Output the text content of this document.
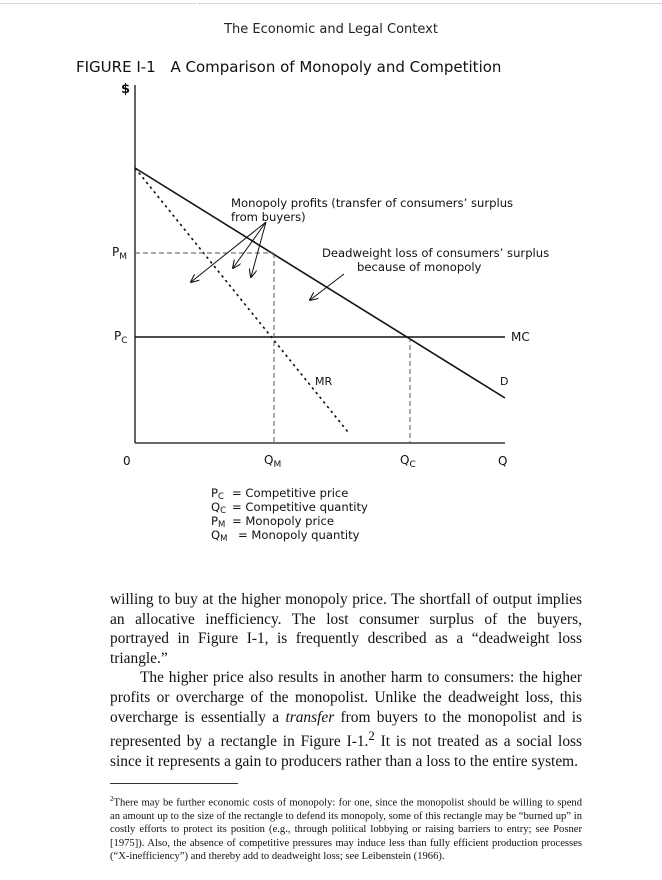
The Economic and Legal Context
FIGURE I-1 A Comparison of Monopoly and Competition
$
$P_M$
$P_C$
0	$Q_M$	$Q_C$	Q
MC
D
MR
Monopoly profits (transfer of consumers’ surplus
from buyers)
Deadweight loss of consumers’ surplus
because of monopoly
PC = Competitive price
QC = Competitive quantity
PM = Monopoly price
QM = Monopoly quantity

willing to buy at the higher monopoly price. The shortfall of output implies an allocative inefficiency. The lost consumer surplus of the buyers, portrayed in Figure I-1, is frequently described as a “deadweight loss triangle.”

The higher price also results in another harm to consumers: the higher profits or overcharge of the monopolist. Unlike the deadweight loss, this overcharge is essentially a transfer from buyers to the monopolist and is represented by a rectangle in Figure I-1.$^2$ It is not treated as a social loss since it represents a gain to producers rather than a loss to the entire system.

$^2$There may be further economic costs of monopoly: for one, since the monopolist should be willing to spend an amount up to the size of the rectangle to defend its monopoly, some of this rectangle may be “burned up” in costly efforts to protect its position (e.g., through political lobbying or raising barriers to entry; see Posner [1975]). Also, the absence of competitive pressures may induce less than fully efficient production processes (“X-inefficiency”) and thereby add to deadweight loss; see Leibenstein (1966).
